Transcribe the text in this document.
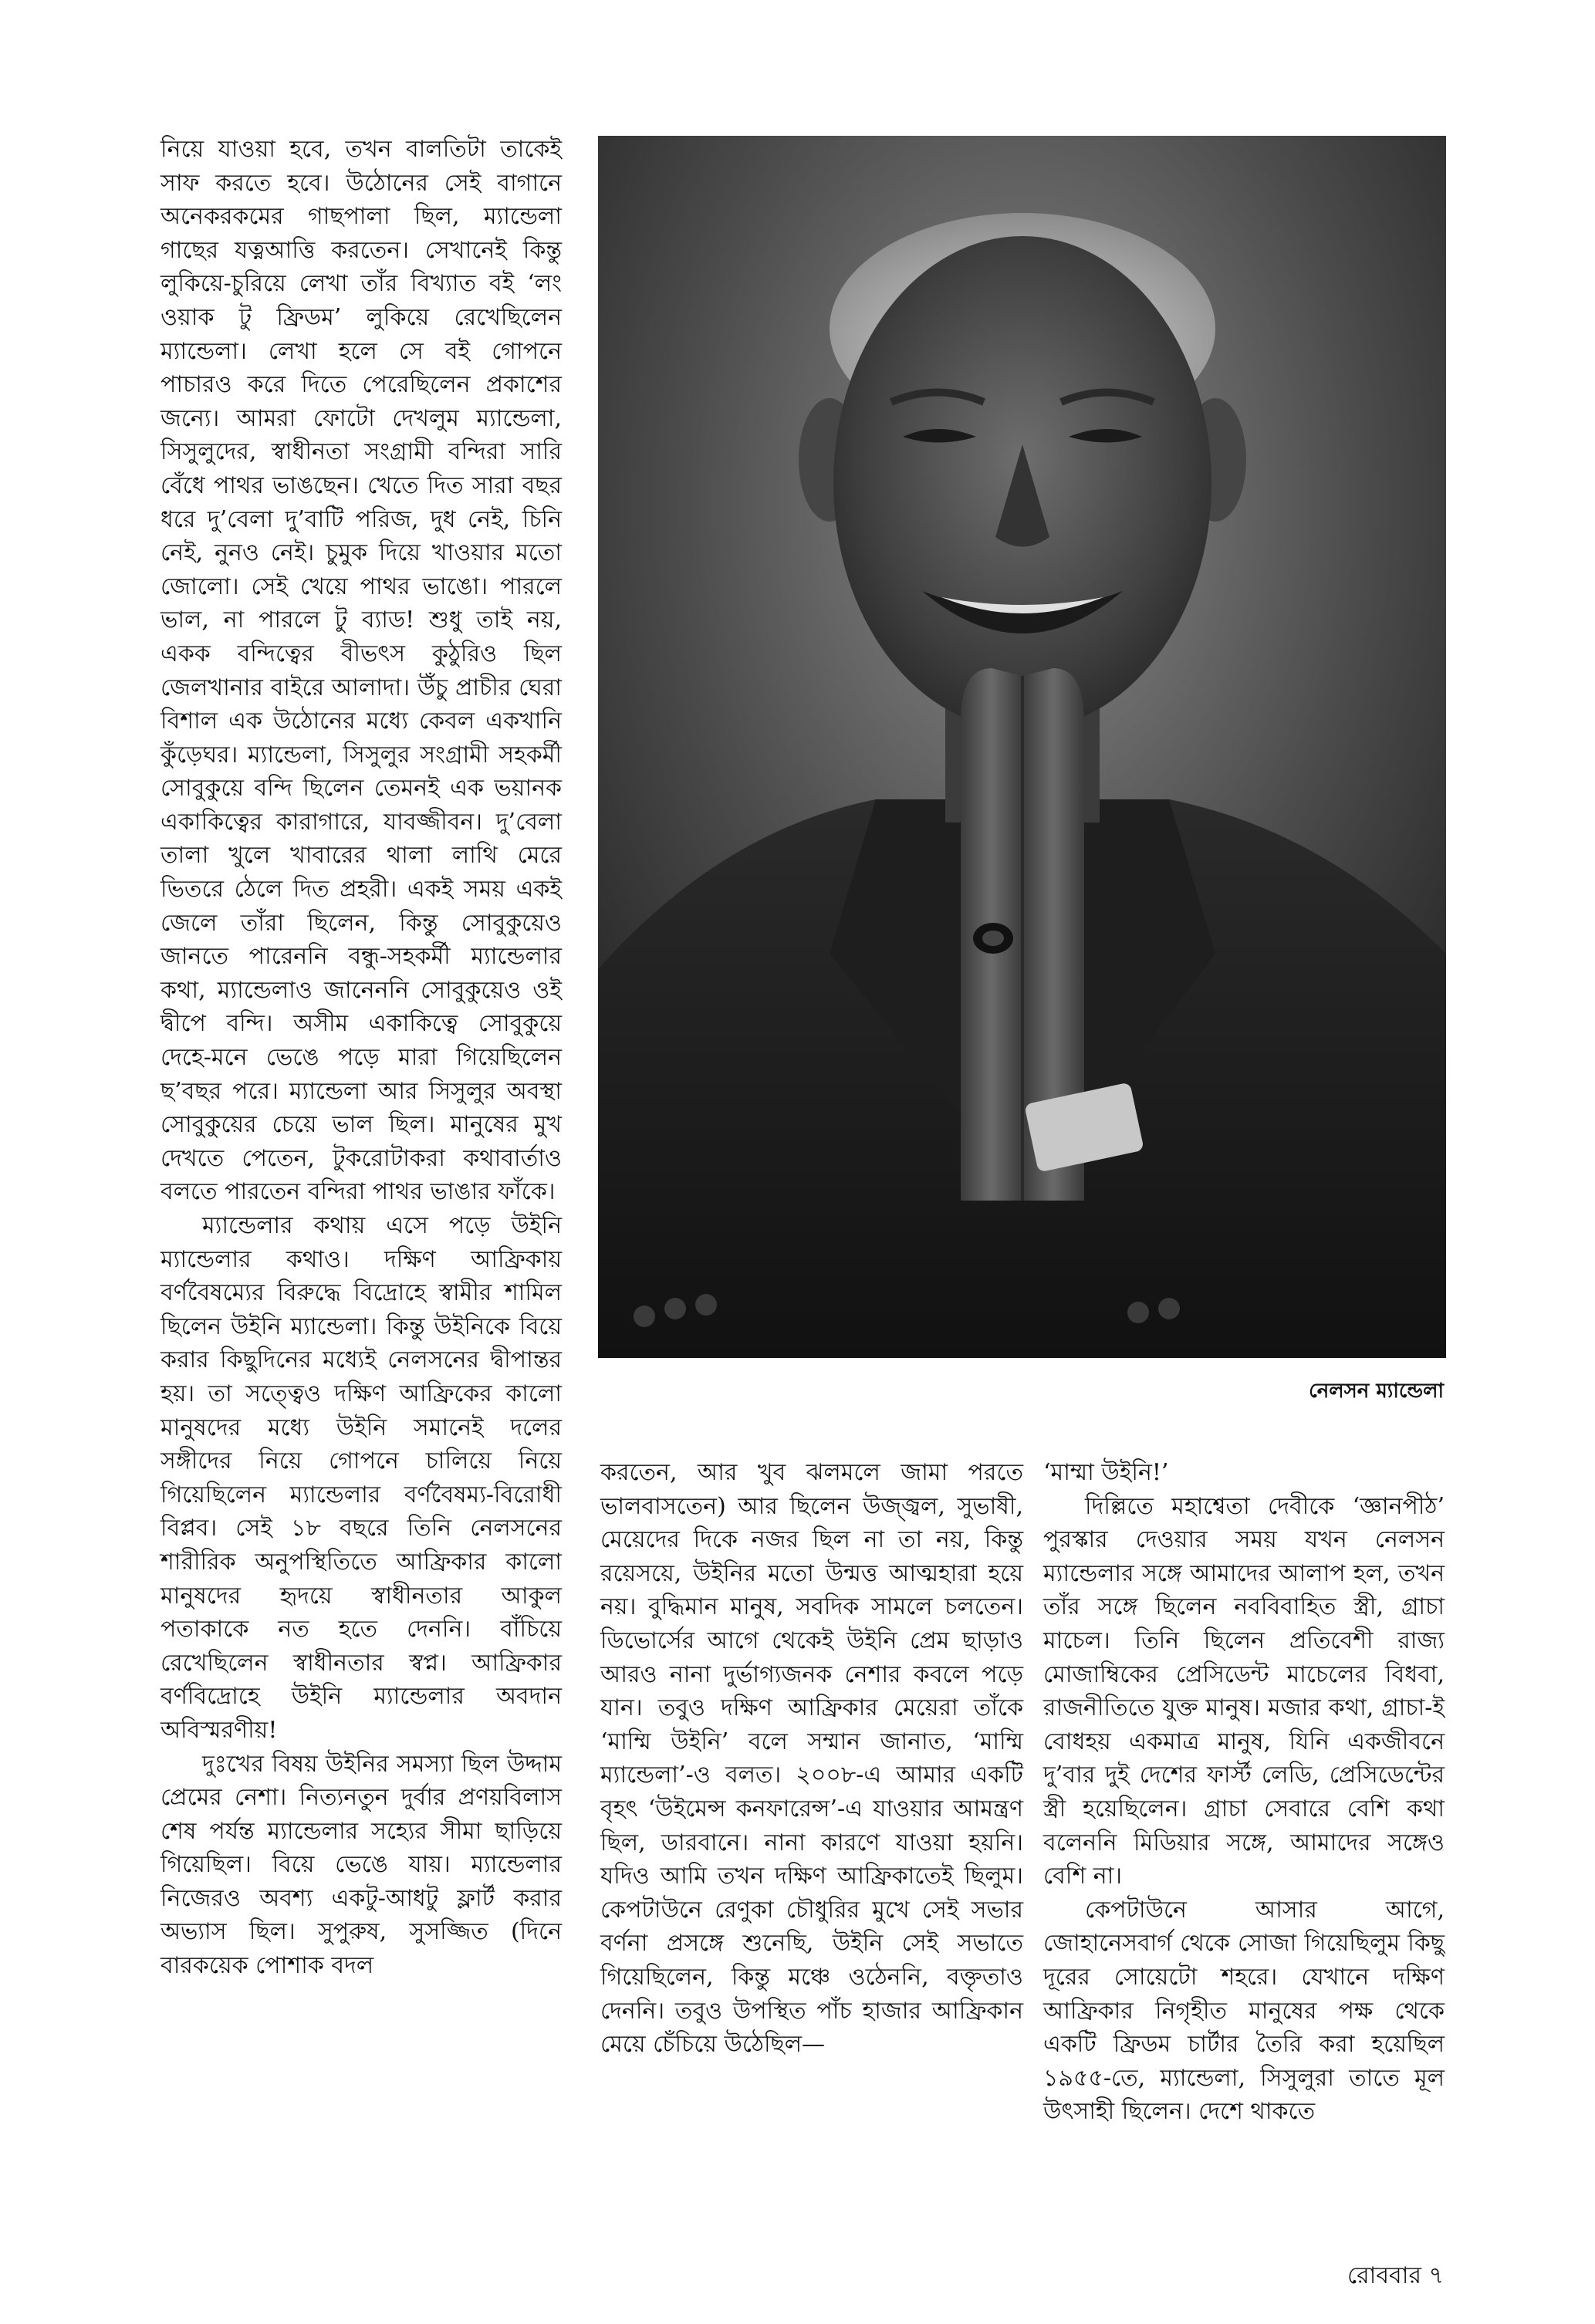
নিয়ে যাওয়া হবে, তখন বালতিটা তাকেই সাফ করতে হবে। উঠোনের সেই বাগানে অনেকরকমের গাছপালা ছিল, ম্যান্ডেলা গাছের যত্নআত্তি করতেন। সেখানেই কিন্তু লুকিয়ে-চুরিয়ে লেখা তাঁর বিখ্যাত বই ‘লং ওয়াক টু ফ্রিডম’ লুকিয়ে রেখেছিলেন ম্যান্ডেলা। লেখা হলে সে বই গোপনে পাচারও করে দিতে পেরেছিলেন প্রকাশের জন্যে। আমরা ফোটো দেখলুম ম্যান্ডেলা, সিসুলুদের, স্বাধীনতা সংগ্রামী বন্দিরা সারি বেঁধে পাথর ভাঙছেন। খেতে দিত সারা বছর ধরে দু’বেলা দু’বাটি পরিজ, দুধ নেই, চিনি নেই, নুনও নেই। চুমুক দিয়ে খাওয়ার মতো জোলো। সেই খেয়ে পাথর ভাঙো। পারলে ভাল, না পারলে টু ব্যাড! শুধু তাই নয়, একক বন্দিত্বের বীভৎস কুঠুরিও ছিল জেলখানার বাইরে আলাদা। উঁচু প্রাচীর ঘেরা বিশাল এক উঠোনের মধ্যে কেবল একখানি কুঁড়েঘর। ম্যান্ডেলা, সিসুলুর সংগ্রামী সহকর্মী সোবুকুয়ে বন্দি ছিলেন তেমনই এক ভয়ানক একাকিত্বের কারাগারে, যাবজ্জীবন। দু’বেলা তালা খুলে খাবারের থালা লাথি মেরে ভিতরে ঠেলে দিত প্রহরী। একই সময় একই জেলে তাঁরা ছিলেন, কিন্তু সোবুকুয়েও জানতে পারেননি বন্ধু-সহকর্মী ম্যান্ডেলার কথা, ম্যান্ডেলাও জানেননি সোবুকুয়েও ওই দ্বীপে বন্দি। অসীম একাকিত্বে সোবুকুয়ে দেহে-মনে ভেঙে পড়ে মারা গিয়েছিলেন ছ’বছর পরে। ম্যান্ডেলা আর সিসুলুর অবস্থা সোবুকুয়ের চেয়ে ভাল ছিল। মানুষের মুখ দেখতে পেতেন, টুকরোটাকরা কথাবার্তাও বলতে পারতেন বন্দিরা পাথর ভাঙার ফাঁকে।

ম্যান্ডেলার কথায় এসে পড়ে উইনি ম্যান্ডেলার কথাও। দক্ষিণ আফ্রিকায় বর্ণবৈষম্যের বিরুদ্ধে বিদ্রোহে স্বামীর শামিল ছিলেন উইনি ম্যান্ডেলা। কিন্তু উইনিকে বিয়ে করার কিছুদিনের মধ্যেই নেলসনের দ্বীপান্তর হয়। তা সত্ত্বেও দক্ষিণ আফ্রিকের কালো মানুষদের মধ্যে উইনি সমানেই দলের সঙ্গীদের নিয়ে গোপনে চালিয়ে নিয়ে গিয়েছিলেন ম্যান্ডেলার বর্ণবৈষম্য-বিরোধী বিপ্লব। সেই ১৮ বছরে তিনি নেলসনের শারীরিক অনুপস্থিতিতে আফ্রিকার কালো মানুষদের হৃদয়ে স্বাধীনতার আকুল পতাকাকে নত হতে দেননি। বাঁচিয়ে রেখেছিলেন স্বাধীনতার স্বপ্ন। আফ্রিকার বর্ণবিদ্রোহে উইনি ম্যান্ডেলার অবদান অবিস্মরণীয়!

দুঃখের বিষয় উইনির সমস্যা ছিল উদ্দাম প্রেমের নেশা। নিত্যনতুন দুর্বার প্রণয়বিলাস শেষ পর্যন্ত ম্যান্ডেলার সহ্যের সীমা ছাড়িয়ে গিয়েছিল। বিয়ে ভেঙে যায়। ম্যান্ডেলার নিজেরও অবশ্য একটু-আধটু ফ্লার্ট করার অভ্যাস ছিল। সুপুরুষ, সুসজ্জিত (দিনে বারকয়েক পোশাক বদল

নেলসন ম্যান্ডেলা

করতেন, আর খুব ঝলমলে জামা পরতে ভালবাসতেন) আর ছিলেন উজ্জ্বল, সুভাষী, মেয়েদের দিকে নজর ছিল না তা নয়, কিন্তু রয়েসয়ে, উইনির মতো উন্মত্ত আত্মহারা হয়ে নয়। বুদ্ধিমান মানুষ, সবদিক সামলে চলতেন। ডিভোর্সের আগে থেকেই উইনি প্রেম ছাড়াও আরও নানা দুর্ভাগ্যজনক নেশার কবলে পড়ে যান। তবুও দক্ষিণ আফ্রিকার মেয়েরা তাঁকে ‘মাম্মি উইনি’ বলে সম্মান জানাত, ‘মাম্মি ম্যান্ডেলা’-ও বলত। ২০০৮-এ আমার একটি বৃহৎ ‘উইমেন্স কনফারেন্স’-এ যাওয়ার আমন্ত্রণ ছিল, ডারবানে। নানা কারণে যাওয়া হয়নি। যদিও আমি তখন দক্ষিণ আফ্রিকাতেই ছিলুম। কেপটাউনে রেণুকা চৌধুরির মুখে সেই সভার বর্ণনা প্রসঙ্গে শুনেছি, উইনি সেই সভাতে গিয়েছিলেন, কিন্তু মঞ্চে ওঠেননি, বক্তৃতাও দেননি। তবুও উপস্থিত পাঁচ হাজার আফ্রিকান মেয়ে চেঁচিয়ে উঠেছিল—

‘মাম্মা উইনি!’

দিল্লিতে মহাশ্বেতা দেবীকে ‘জ্ঞানপীঠ’ পুরস্কার দেওয়ার সময় যখন নেলসন ম্যান্ডেলার সঙ্গে আমাদের আলাপ হল, তখন তাঁর সঙ্গে ছিলেন নববিবাহিত স্ত্রী, গ্রাচা মাচেল। তিনি ছিলেন প্রতিবেশী রাজ্য মোজাম্বিকের প্রেসিডেন্ট মাচেলের বিধবা, রাজনীতিতে যুক্ত মানুষ। মজার কথা, গ্রাচা-ই বোধহয় একমাত্র মানুষ, যিনি একজীবনে দু’বার দুই দেশের ফার্স্ট লেডি, প্রেসিডেন্টের স্ত্রী হয়েছিলেন। গ্রাচা সেবারে বেশি কথা বলেননি মিডিয়ার সঙ্গে, আমাদের সঙ্গেও বেশি না।

কেপটাউনে আসার আগে, জোহানেসবার্গ থেকে সোজা গিয়েছিলুম কিছু দূরের সোয়েটো শহরে। যেখানে দক্ষিণ আফ্রিকার নিগৃহীত মানুষের পক্ষ থেকে একটি ফ্রিডম চার্টার তৈরি করা হয়েছিল ১৯৫৫-তে, ম্যান্ডেলা, সিসুলুরা তাতে মূল উৎসাহী ছিলেন। দেশে থাকতে

রোববার ৭
